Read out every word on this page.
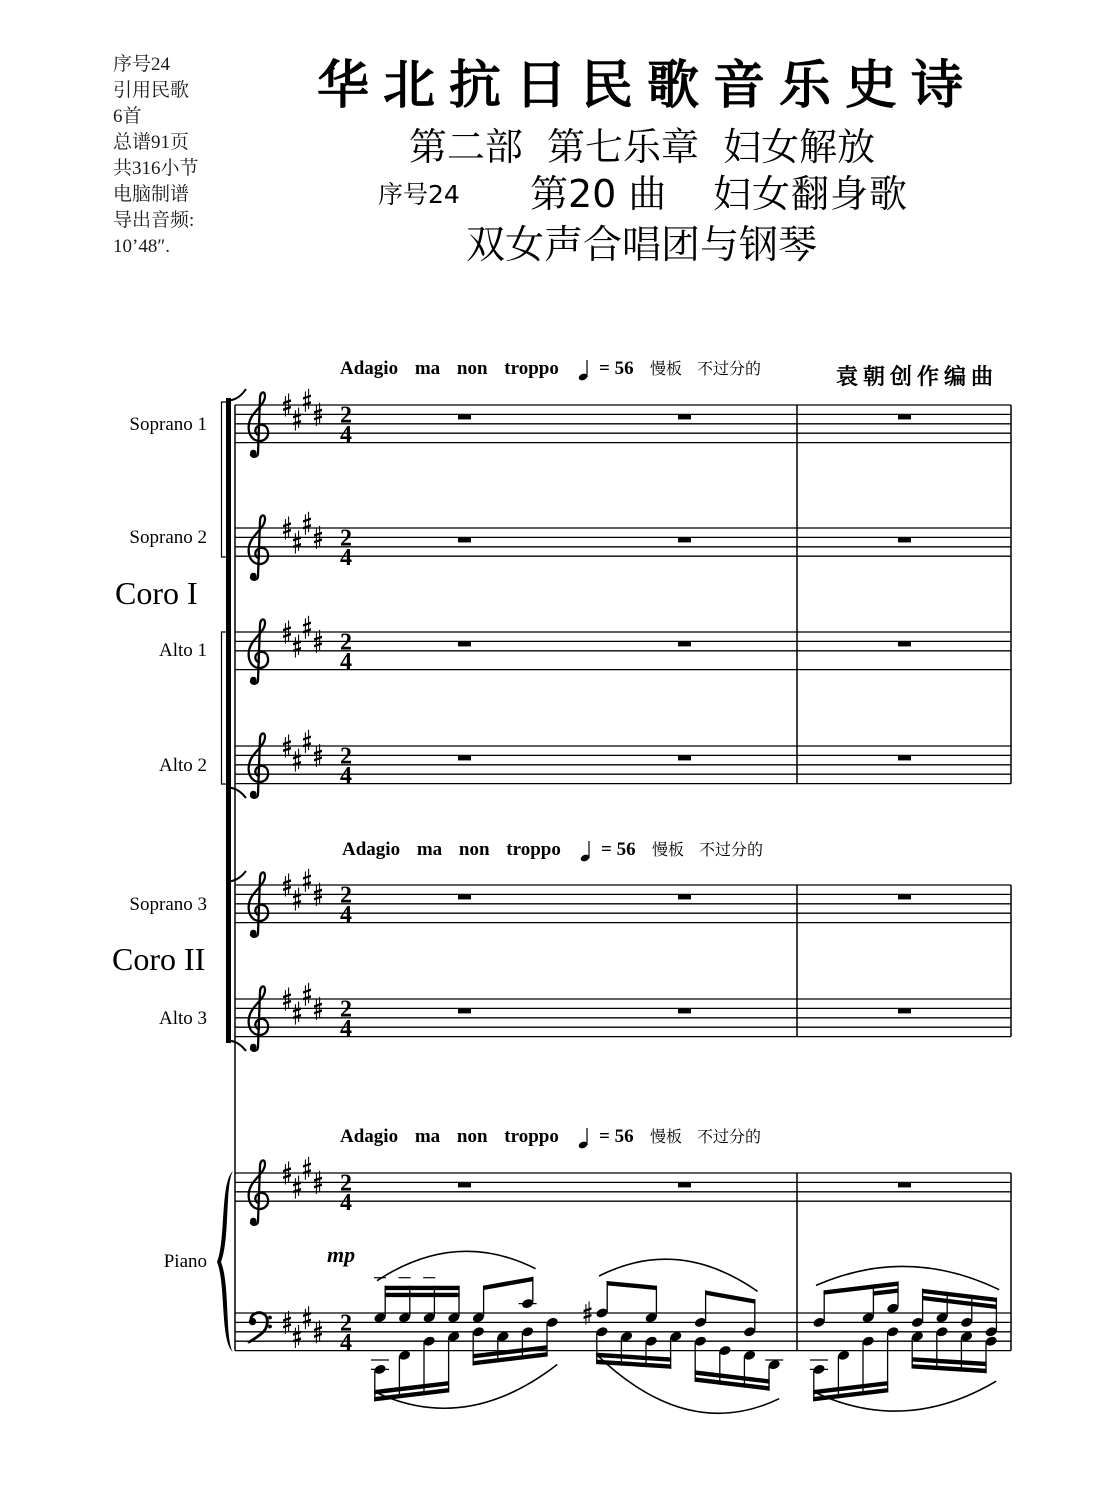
序号24
引用民歌
6首
总谱91页
共316小节
电脑制谱
导出音频:
10’48″.
华北抗日民歌音乐史诗
第二部 第七乐章 妇女解放
序号24 第20 曲 妇女翻身歌
双女声合唱团与钢琴
Adagio ma non troppo = 56 慢板 不过分的
Adagio ma non troppo = 56 慢板 不过分的
Adagio ma non troppo = 56 慢板 不过分的
袁朝创作编曲
Soprano 1
Soprano 2
Alto 1
Alto 2
Soprano 3
Alto 3
Piano
Coro I
Coro II
mp
2
4
2
4
2
4
2
4
2
4
2
4
2
4
2
4
